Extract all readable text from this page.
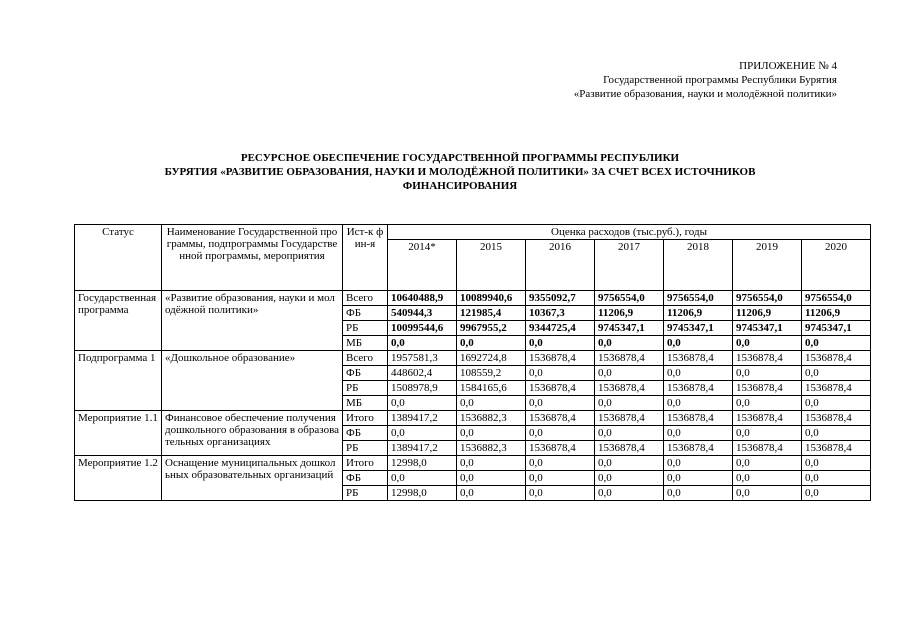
ПРИЛОЖЕНИЕ № 4
Государственной программы Республики Бурятия
«Развитие образования, науки и молодёжной политики»
РЕСУРСНОЕ ОБЕСПЕЧЕНИЕ ГОСУДАРСТВЕННОЙ ПРОГРАММЫ РЕСПУБЛИКИ
БУРЯТИЯ «РАЗВИТИЕ ОБРАЗОВАНИЯ, НАУКИ И МОЛОДЁЖНОЙ ПОЛИТИКИ» ЗА СЧЕТ ВСЕХ ИСТОЧНИКОВ
ФИНАНСИРОВАНИЯ
Статус	Наименование Государственной программы, подпрограммы Государственной программы, мероприятия	Ист-к фин-я	Оценка расходов (тыс.руб.), годы						
			2014*	2015	2016	2017	2018	2019	2020
Государственная программа	«Развитие образования, науки и молодёжной политики»	Всего	10640488,9	10089940,6	9355092,7	9756554,0	9756554,0	9756554,0	9756554,0
		ФБ	540944,3	121985,4	10367,3	11206,9	11206,9	11206,9	11206,9
		РБ	10099544,6	9967955,2	9344725,4	9745347,1	9745347,1	9745347,1	9745347,1
		МБ	0,0	0,0	0,0	0,0	0,0	0,0	0,0
Подпрограмма 1	«Дошкольное образование»	Всего	1957581,3	1692724,8	1536878,4	1536878,4	1536878,4	1536878,4	1536878,4
		ФБ	448602,4	108559,2	0,0	0,0	0,0	0,0	0,0
		РБ	1508978,9	1584165,6	1536878,4	1536878,4	1536878,4	1536878,4	1536878,4
		МБ	0,0	0,0	0,0	0,0	0,0	0,0	0,0
Мероприятие 1.1	Финансовое обеспечение получения дошкольного образования в образовательных организациях	Итого	1389417,2	1536882,3	1536878,4	1536878,4	1536878,4	1536878,4	1536878,4
		ФБ	0,0	0,0	0,0	0,0	0,0	0,0	0,0
		РБ	1389417,2	1536882,3	1536878,4	1536878,4	1536878,4	1536878,4	1536878,4
Мероприятие 1.2	Оснащение муниципальных дошкольных образовательных организаций	Итого	12998,0	0,0	0,0	0,0	0,0	0,0	0,0
		ФБ	0,0	0,0	0,0	0,0	0,0	0,0	0,0
		РБ	12998,0	0,0	0,0	0,0	0,0	0,0	0,0
